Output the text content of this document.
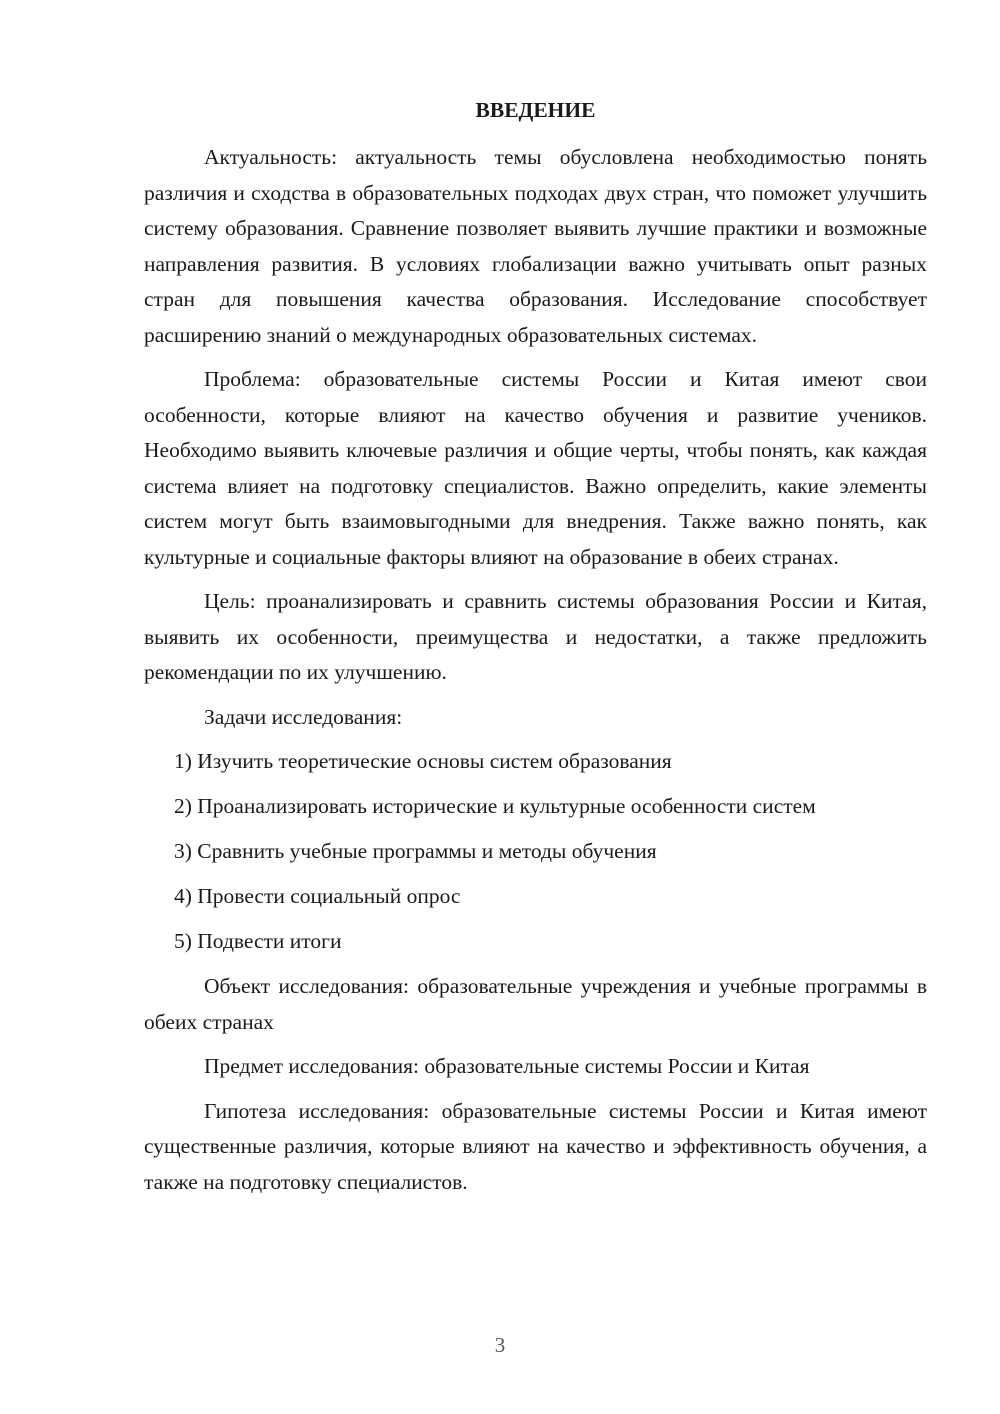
ВВЕДЕНИЕ

Актуальность: актуальность темы обусловлена необходимостью понять различия и сходства в образовательных подходах двух стран, что поможет улучшить систему образования. Сравнение позволяет выявить лучшие практики и возможные направления развития. В условиях глобализации важно учитывать опыт разных стран для повышения качества образования. Исследование способствует расширению знаний о международных образовательных системах.

Проблема: образовательные системы России и Китая имеют свои особенности, которые влияют на качество обучения и развитие учеников. Необходимо выявить ключевые различия и общие черты, чтобы понять, как каждая система влияет на подготовку специалистов. Важно определить, какие элементы систем могут быть взаимовыгодными для внедрения. Также важно понять, как культурные и социальные факторы влияют на образование в обеих странах.

Цель: проанализировать и сравнить системы образования России и Китая, выявить их особенности, преимущества и недостатки, а также предложить рекомендации по их улучшению.

Задачи исследования:

1) Изучить теоретические основы систем образования
2) Проанализировать исторические и культурные особенности систем
3) Сравнить учебные программы и методы обучения
4) Провести социальный опрос
5) Подвести итоги

Объект исследования: образовательные учреждения и учебные программы в обеих странах

Предмет исследования: образовательные системы России и Китая

Гипотеза исследования: образовательные системы России и Китая имеют существенные различия, которые влияют на качество и эффективность обучения, а также на подготовку специалистов.

3
